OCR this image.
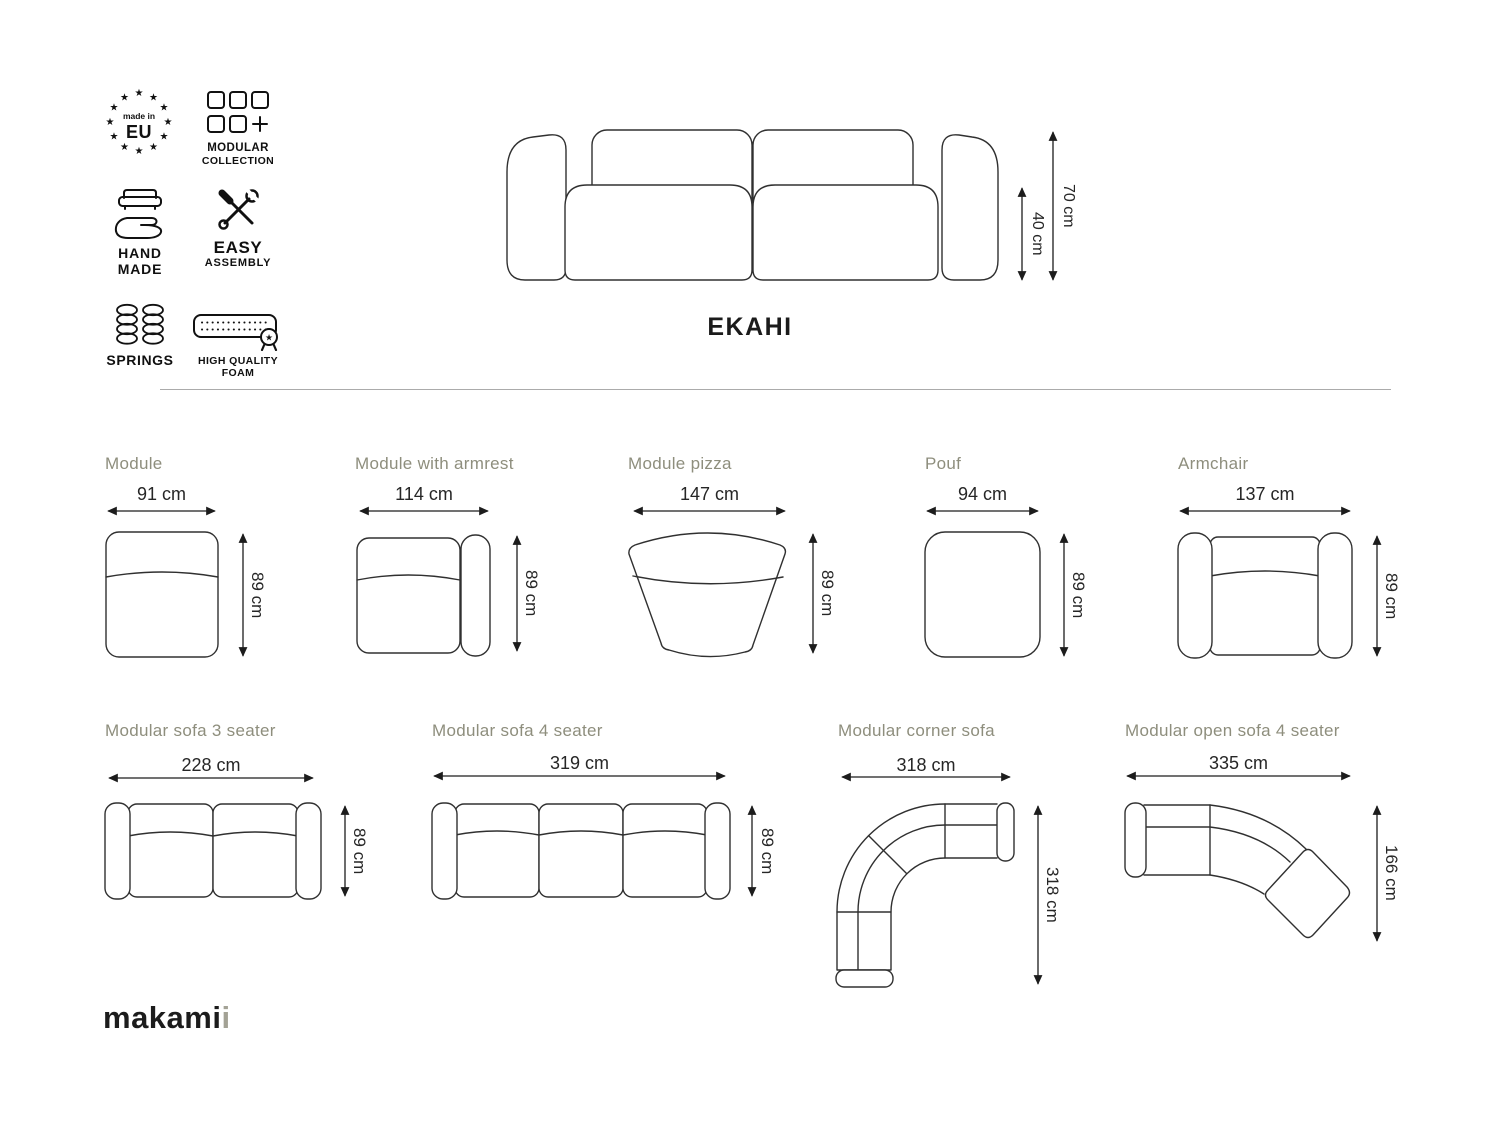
★ ★
★
★
★
★
★
★
★
★
★
★
made in
EU
MODULAR
COLLECTION
HAND
MADE
EASY
ASSEMBLY
SPRINGS
★
HIGH QUALITY
FOAM
40 cm
70 cm
EKAHI
Module
91 cm
89 cm
Module with armrest
114 cm
89 cm
Module pizza
147 cm
89 cm
Pouf
94 cm
89 cm
Armchair
137 cm
89 cm
Modular sofa 3 seater
228 cm
89 cm
Modular sofa 4 seater
319 cm
89 cm
Modular corner sofa
318 cm
318 cm
Modular open sofa 4 seater
335 cm
166 cm
makamii
